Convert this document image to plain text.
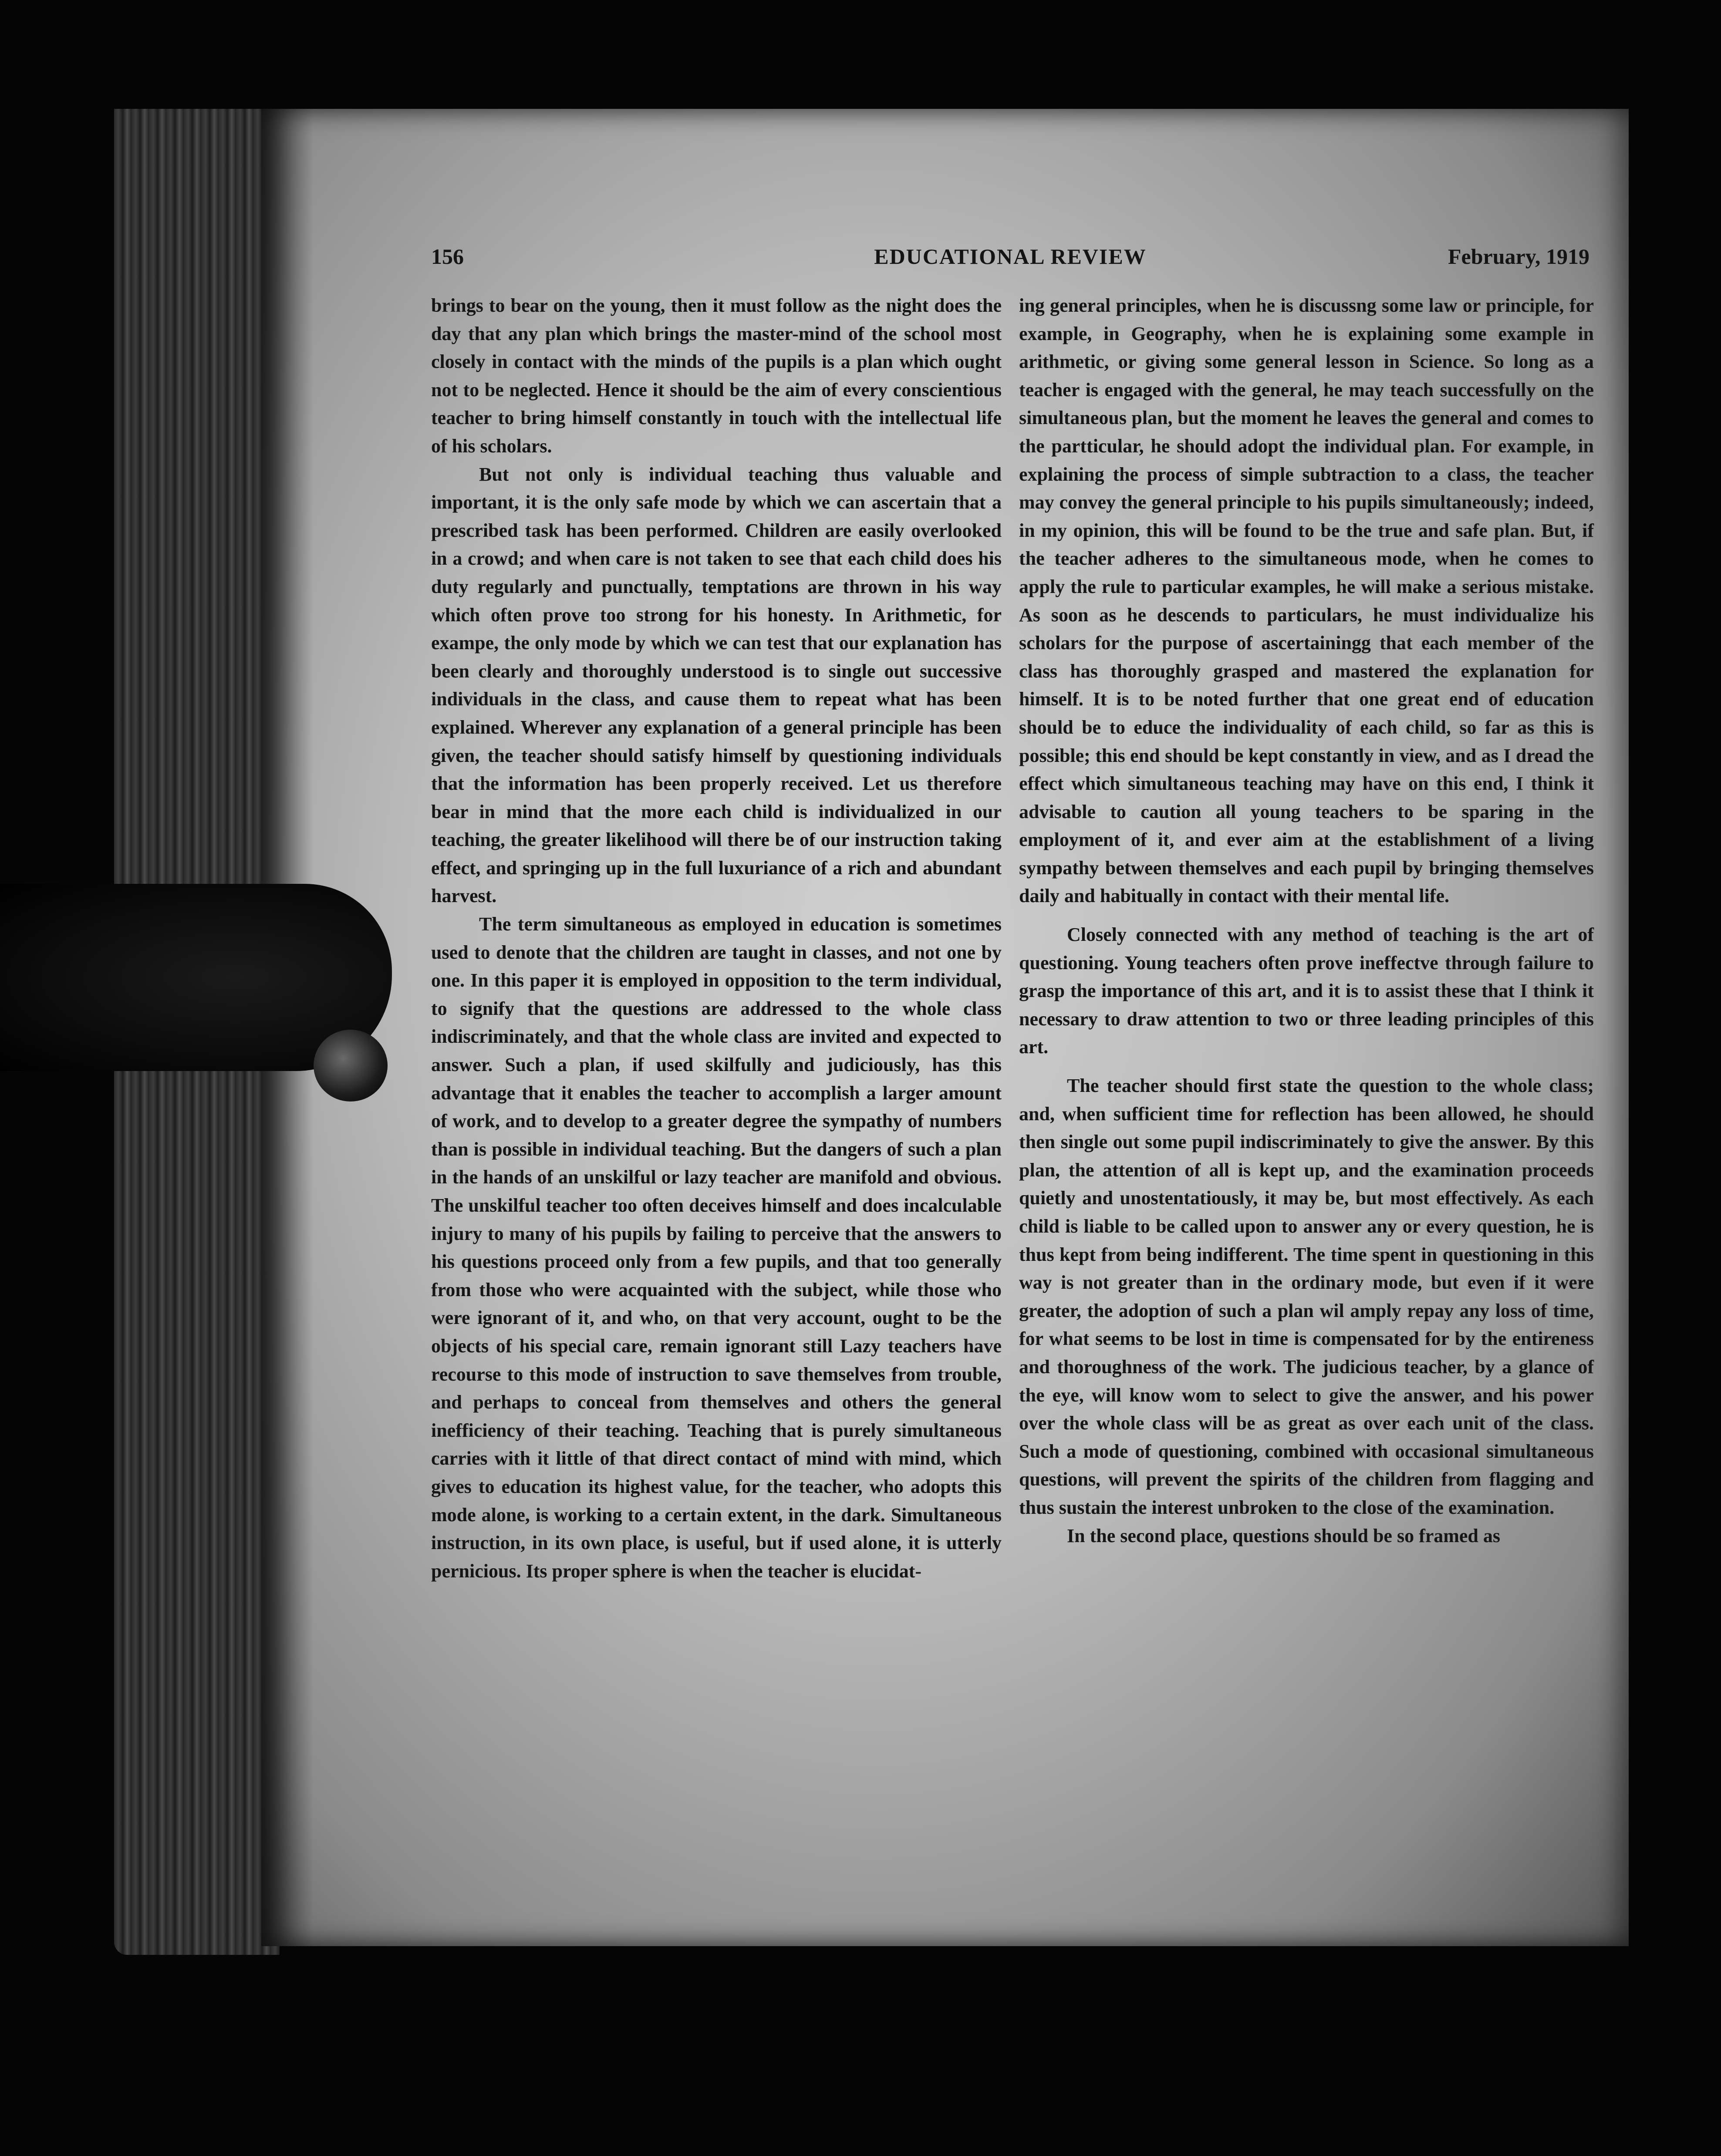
EDUCATIONAL REVIEW
156	February, 1919

brings to bear on the young, then it must follow as the night does the day that any plan which brings the master-mind of the school most closely in contact with the minds of the pupils is a plan which ought not to be neglected. Hence it should be the aim of every conscientious teacher to bring himself constantly in touch with the intellectual life of his scholars.

But not only is individual teaching thus valuable and important, it is the only safe mode by which we can ascertain that a prescribed task has been performed. Children are easily overlooked in a crowd; and when care is not taken to see that each child does his duty regularly and punctually, temptations are thrown in his way which often prove too strong for his honesty. In Arithmetic, for exampe, the only mode by which we can test that our explanation has been clearly and thoroughly understood is to single out successive individuals in the class, and cause them to repeat what has been explained. Wherever any explanation of a general principle has been given, the teacher should satisfy himself by questioning individuals that the information has been properly received. Let us therefore bear in mind that the more each child is individualized in our teaching, the greater likelihood will there be of our instruction taking effect, and springing up in the full luxuriance of a rich and abundant harvest.

The term simultaneous as employed in education is sometimes used to denote that the children are taught in classes, and not one by one. In this paper it is employed in opposition to the term individual, to signify that the questions are addressed to the whole class indiscriminately, and that the whole class are invited and expected to answer. Such a plan, if used skilfully and judiciously, has this advantage that it enables the teacher to accomplish a larger amount of work, and to develop to a greater degree the sympathy of numbers than is possible in individual teaching. But the dangers of such a plan in the hands of an unskilful or lazy teacher are manifold and obvious. The unskilful teacher too often deceives himself and does incalculable injury to many of his pupils by failing to perceive that the answers to his questions proceed only from a few pupils, and that too generally from those who were acquainted with the subject, while those who were ignorant of it, and who, on that very account, ought to be the objects of his special care, remain ignorant still Lazy teachers have recourse to this mode of instruction to save themselves from trouble, and perhaps to conceal from themselves and others the general inefficiency of their teaching. Teaching that is purely simultaneous carries with it little of that direct contact of mind with mind, which gives to education its highest value, for the teacher, who adopts this mode alone, is working to a certain extent, in the dark. Simultaneous instruction, in its own place, is useful, but if used alone, it is utterly pernicious. Its proper sphere is when the teacher is elucidat-

ing general principles, when he is discussng some law or principle, for example, in Geography, when he is explaining some example in arithmetic, or giving some general lesson in Science. So long as a teacher is engaged with the general, he may teach successfully on the simultaneous plan, but the moment he leaves the general and comes to the partticular, he should adopt the individual plan. For example, in explaining the process of simple subtraction to a class, the teacher may convey the general principle to his pupils simultaneously; indeed, in my opinion, this will be found to be the true and safe plan. But, if the teacher adheres to the simultaneous mode, when he comes to apply the rule to particular examples, he will make a serious mistake. As soon as he descends to particulars, he must individualize his scholars for the purpose of ascertainingg that each member of the class has thoroughly grasped and mastered the explanation for himself. It is to be noted further that one great end of education should be to educe the individuality of each child, so far as this is possible; this end should be kept constantly in view, and as I dread the effect which simultaneous teaching may have on this end, I think it advisable to caution all young teachers to be sparing in the employment of it, and ever aim at the establishment of a living sympathy between themselves and each pupil by bringing themselves daily and habitually in contact with their mental life.

Closely connected with any method of teaching is the art of questioning. Young teachers often prove ineffectve through failure to grasp the importance of this art, and it is to assist these that I think it necessary to draw attention to two or three leading principles of this art.

The teacher should first state the question to the whole class; and, when sufficient time for reflection has been allowed, he should then single out some pupil indiscriminately to give the answer. By this plan, the attention of all is kept up, and the examination proceeds quietly and unostentatiously, it may be, but most effectively. As each child is liable to be called upon to answer any or every question, he is thus kept from being indifferent. The time spent in questioning in this way is not greater than in the ordinary mode, but even if it were greater, the adoption of such a plan wil amply repay any loss of time, for what seems to be lost in time is compensated for by the entireness and thoroughness of the work. The judicious teacher, by a glance of the eye, will know wom to select to give the answer, and his power over the whole class will be as great as over each unit of the class. Such a mode of questioning, combined with occasional simultaneous questions, will prevent the spirits of the children from flagging and thus sustain the interest unbroken to the close of the examination.

In the second place, questions should be so framed as
